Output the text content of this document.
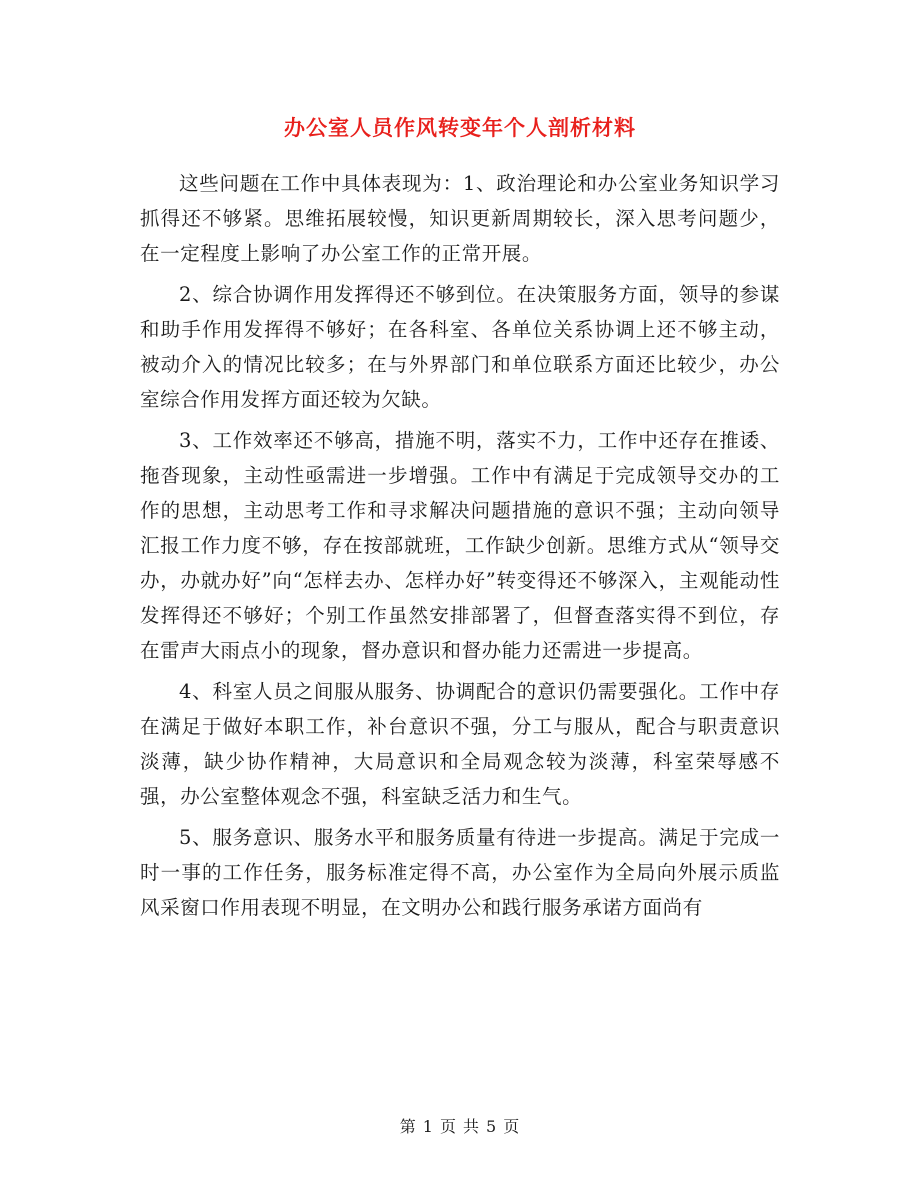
办公室人员作风转变年个人剖析材料

这些问题在工作中具体表现为：1、政治理论和办公室业务知识学习抓得还不够紧。思维拓展较慢，知识更新周期较长，深入思考问题少，在一定程度上影响了办公室工作的正常开展。

2、综合协调作用发挥得还不够到位。在决策服务方面，领导的参谋和助手作用发挥得不够好；在各科室、各单位关系协调上还不够主动，被动介入的情况比较多；在与外界部门和单位联系方面还比较少，办公室综合作用发挥方面还较为欠缺。

3、工作效率还不够高，措施不明，落实不力，工作中还存在推诿、拖沓现象，主动性亟需进一步增强。工作中有满足于完成领导交办的工作的思想，主动思考工作和寻求解决问题措施的意识不强；主动向领导汇报工作力度不够，存在按部就班，工作缺少创新。思维方式从“领导交办，办就办好”向“怎样去办、怎样办好”转变得还不够深入，主观能动性发挥得还不够好；个别工作虽然安排部署了，但督查落实得不到位，存在雷声大雨点小的现象，督办意识和督办能力还需进一步提高。

4、科室人员之间服从服务、协调配合的意识仍需要强化。工作中存在满足于做好本职工作，补台意识不强，分工与服从，配合与职责意识淡薄，缺少协作精神，大局意识和全局观念较为淡薄，科室荣辱感不强，办公室整体观念不强，科室缺乏活力和生气。

5、服务意识、服务水平和服务质量有待进一步提高。满足于完成一时一事的工作任务，服务标准定得不高，办公室作为全局向外展示质监风采窗口作用表现不明显，在文明办公和践行服务承诺方面尚有

第 1 页 共 5 页
